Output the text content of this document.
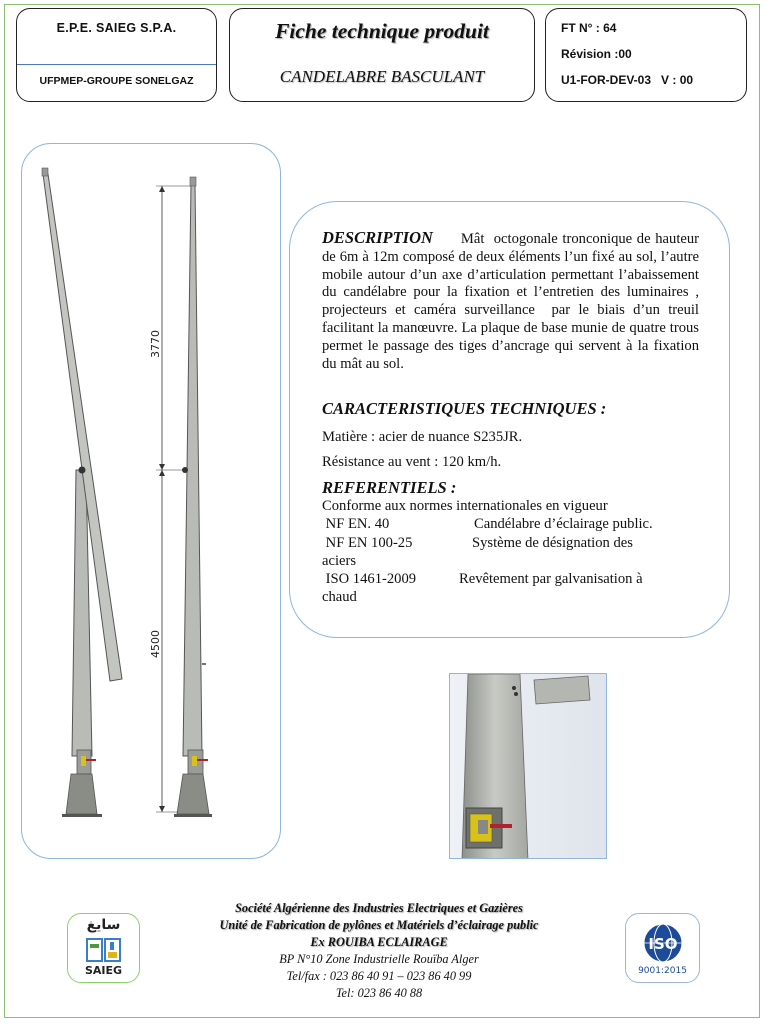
E.P.E. SAIEG S.P.A.
UFPMEP-GROUPE SONELGAZ
Fiche technique produit
CANDELABRE BASCULANT
FT N° : 64
Révision :00
U1-FOR-DEV-03   V : 00
3770
4500
DESCRIPTION Mât  octogonale tronconique de hauteur de 6m à 12m composé de deux éléments l’un fixé au sol, l’autre mobile autour d’un axe d’articulation permettant l’abaissement du candélabre pour la fixation et l’entretien des luminaires , projecteurs et caméra surveillance  par le biais d’un treuil facilitant la manœuvre. La plaque de base munie de quatre trous permet le passage des tiges d’ancrage qui servent à la fixation du mât au sol.
CARACTERISTIQUES TECHNIQUES :
Matière : acier de nuance S235JR.
Résistance au vent : 120 km/h.
REFERENTIELS :
Conforme aux normes internationales en vigueur
NF EN. 40	Candélabre d’éclairage public.
NF EN 100-25	Système de désignation des
aciers
ISO 1461-2009	Revêtement par galvanisation à
chaud
سايغ
SAIEG
Société Algérienne des Industries Electriques et Gazières
Unité de Fabrication de pylônes et Matériels d’éclairage public
Ex ROUIBA ECLAIRAGE
BP N°10 Zone Industrielle Rouïba Alger
Tel/fax : 023 86 40 91 – 023 86 40 99
Tel: 023 86 40 88
ISO
9001:2015
